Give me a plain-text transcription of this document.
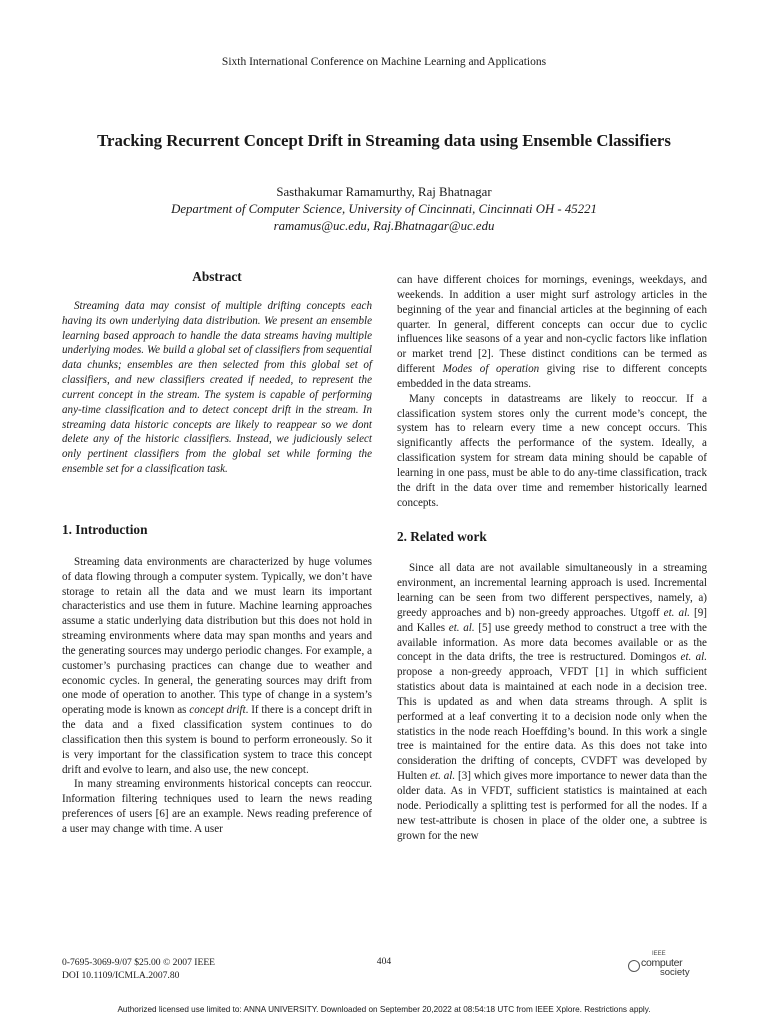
Sixth International Conference on Machine Learning and Applications
Tracking Recurrent Concept Drift in Streaming data using Ensemble Classifiers
Sasthakumar Ramamurthy, Raj Bhatnagar
Department of Computer Science, University of Cincinnati, Cincinnati OH - 45221
ramamus@uc.edu, Raj.Bhatnagar@uc.edu
Abstract

Streaming data may consist of multiple drifting concepts each having its own underlying data distribution. We present an ensemble learning based approach to handle the data streams having multiple underlying modes. We build a global set of classifiers from sequential data chunks; ensembles are then selected from this global set of classifiers, and new classifiers created if needed, to represent the current concept in the stream. The system is capable of performing any-time classification and to detect concept drift in the stream. In streaming data historic concepts are likely to reappear so we dont delete any of the historic classifiers. Instead, we judiciously select only pertinent classifiers from the global set while forming the ensemble set for a classification task.

1. Introduction

Streaming data environments are characterized by huge volumes of data flowing through a computer system. Typically, we don’t have storage to retain all the data and we must learn its important characteristics and use them in future. Machine learning approaches assume a static underlying data distribution but this does not hold in streaming environments where data may span months and years and the generating sources may undergo periodic changes. For example, a customer’s purchasing practices can change due to weather and economic cycles. In general, the generating sources may drift from one mode of operation to another. This type of change in a system’s operating mode is known as concept drift. If there is a concept drift in the data and a fixed classification system continues to do classification then this system is bound to perform erroneously. So it is very important for the classification system to trace this concept drift and evolve to learn, and also use, the new concept.

In many streaming environments historical concepts can reoccur. Information filtering techniques used to learn the news reading preferences of users [6] are an example. News reading preference of a user may change with time. A user

can have different choices for mornings, evenings, weekdays, and weekends. In addition a user might surf astrology articles in the beginning of the year and financial articles at the beginning of each quarter. In general, different concepts can occur due to cyclic influences like seasons of a year and non-cyclic factors like inflation or market trend [2]. These distinct conditions can be termed as different Modes of operation giving rise to different concepts embedded in the data streams.

Many concepts in datastreams are likely to reoccur. If a classification system stores only the current mode’s concept, the system has to relearn every time a new concept occurs. This significantly affects the performance of the system. Ideally, a classification system for stream data mining should be capable of learning in one pass, must be able to do any-time classification, track the drift in the data over time and remember historically learned concepts.

2. Related work

Since all data are not available simultaneously in a streaming environment, an incremental learning approach is used. Incremental learning can be seen from two different perspectives, namely, a) greedy approaches and b) non-greedy approaches. Utgoff et. al. [9] and Kalles et. al. [5] use greedy method to construct a tree with the available information. As more data becomes available or as the concept in the data drifts, the tree is restructured. Domingos et. al. propose a non-greedy approach, VFDT [1] in which sufficient statistics about data is maintained at each node in a decision tree. This is updated as and when data streams through. A split is performed at a leaf converting it to a decision node only when the statistics in the node reach Hoeffding’s bound. In this work a single tree is maintained for the entire data. As this does not take into consideration the drifting of concepts, CVDFT was developed by Hulten et. al. [3] which gives more importance to newer data than the older data. As in VFDT, sufficient statistics is maintained at each node. Periodically a splitting test is performed for all the nodes. If a new test-attribute is chosen in place of the older one, a subtree is grown for the new

0-7695-3069-9/07 $25.00 © 2007 IEEE
DOI 10.1109/ICMLA.2007.80
404
IEEE
computer
society
Authorized licensed use limited to: ANNA UNIVERSITY. Downloaded on September 20,2022 at 08:54:18 UTC from IEEE Xplore. Restrictions apply.
